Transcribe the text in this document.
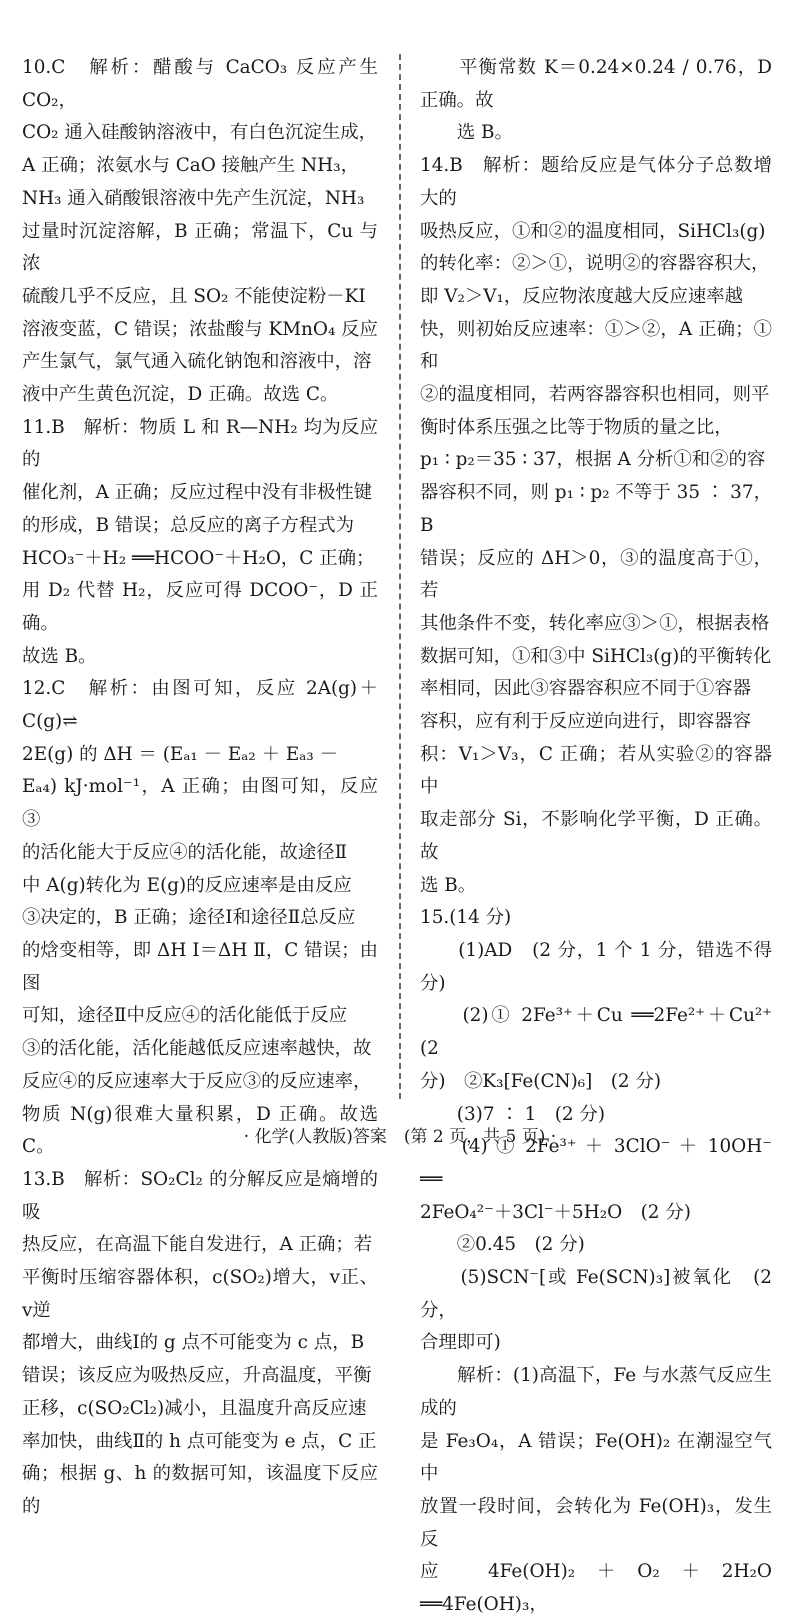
10.C　解析：醋酸与 CaCO₃ 反应产生 CO₂，
CO₂ 通入硅酸钠溶液中，有白色沉淀生成，
A 正确；浓氨水与 CaO 接触产生 NH₃，
NH₃ 通入硝酸银溶液中先产生沉淀，NH₃
过量时沉淀溶解，B 正确；常温下，Cu 与浓
硫酸几乎不反应，且 SO₂ 不能使淀粉－KI
溶液变蓝，C 错误；浓盐酸与 KMnO₄ 反应
产生氯气，氯气通入硫化钠饱和溶液中，溶
液中产生黄色沉淀，D 正确。故选 C。
11.B　解析：物质 L 和 R—NH₂ 均为反应的
催化剂，A 正确；反应过程中没有非极性键
的形成，B 错误；总反应的离子方程式为
HCO₃⁻＋H₂ ══HCOO⁻＋H₂O，C 正确；
用 D₂ 代替 H₂，反应可得 DCOO⁻，D 正确。
故选 B。
12.C　解析：由图可知，反应 2A(g)＋C(g)⇌
2E(g) 的 ΔH ＝ (Eₐ₁ － Eₐ₂ ＋ Eₐ₃ －
Eₐ₄) kJ·mol⁻¹，A 正确；由图可知，反应③
的活化能大于反应④的活化能，故途径Ⅱ
中 A(g)转化为 E(g)的反应速率是由反应
③决定的，B 正确；途径Ⅰ和途径Ⅱ总反应
的焓变相等，即 ΔH Ⅰ＝ΔH Ⅱ，C 错误；由图
可知，途径Ⅱ中反应④的活化能低于反应
③的活化能，活化能越低反应速率越快，故
反应④的反应速率大于反应③的反应速率，
物质 N(g)很难大量积累，D 正确。故选 C。
13.B　解析：SO₂Cl₂ 的分解反应是熵增的吸
热反应，在高温下能自发进行，A 正确；若
平衡时压缩容器体积，c(SO₂)增大，v正、v逆
都增大，曲线Ⅰ的 g 点不可能变为 c 点，B
错误；该反应为吸热反应，升高温度，平衡
正移，c(SO₂Cl₂)减小，且温度升高反应速
率加快，曲线Ⅱ的 h 点可能变为 e 点，C 正
确；根据 g、h 的数据可知，该温度下反应的
　　平衡常数 K＝0.24×0.24 / 0.76，D 正确。故
　　选 B。
14.B　解析：题给反应是气体分子总数增大的
吸热反应，①和②的温度相同，SiHCl₃(g)
的转化率：②＞①，说明②的容器容积大，
即 V₂＞V₁，反应物浓度越大反应速率越
快，则初始反应速率：①＞②，A 正确；①和
②的温度相同，若两容器容积也相同，则平
衡时体系压强之比等于物质的量之比，
p₁ ∶ p₂＝35 ∶ 37，根据 A 分析①和②的容
器容积不同，则 p₁ ∶ p₂ 不等于 35 ∶ 37，B
错误；反应的 ΔH＞0，③的温度高于①，若
其他条件不变，转化率应③＞①，根据表格
数据可知，①和③中 SiHCl₃(g)的平衡转化
率相同，因此③容器容积应不同于①容器
容积，应有利于反应逆向进行，即容器容
积：V₁＞V₃，C 正确；若从实验②的容器中
取走部分 Si，不影响化学平衡，D 正确。故
选 B。
15.(14 分)
　　(1)AD　(2 分，1 个 1 分，错选不得分)
　　(2)① 2Fe³⁺＋Cu ══2Fe²⁺＋Cu²⁺　(2
分)　②K₃[Fe(CN)₆]　(2 分)
　　(3)7 ∶ 1　(2 分)
　　(4) ① 2Fe³⁺ ＋ 3ClO⁻ ＋ 10OH⁻ ══
2FeO₄²⁻＋3Cl⁻＋5H₂O　(2 分)
　　②0.45　(2 分)
　　(5)SCN⁻[或 Fe(SCN)₃]被氧化　(2 分，
合理即可)
　　解析：(1)高温下，Fe 与水蒸气反应生成的
是 Fe₃O₄，A 错误；Fe(OH)₂ 在潮湿空气中
放置一段时间，会转化为 Fe(OH)₃，发生反
应 4Fe(OH)₂＋O₂＋2H₂O ══4Fe(OH)₃，
· 化学(人教版)答案　(第 2 页，共 5 页) ·
